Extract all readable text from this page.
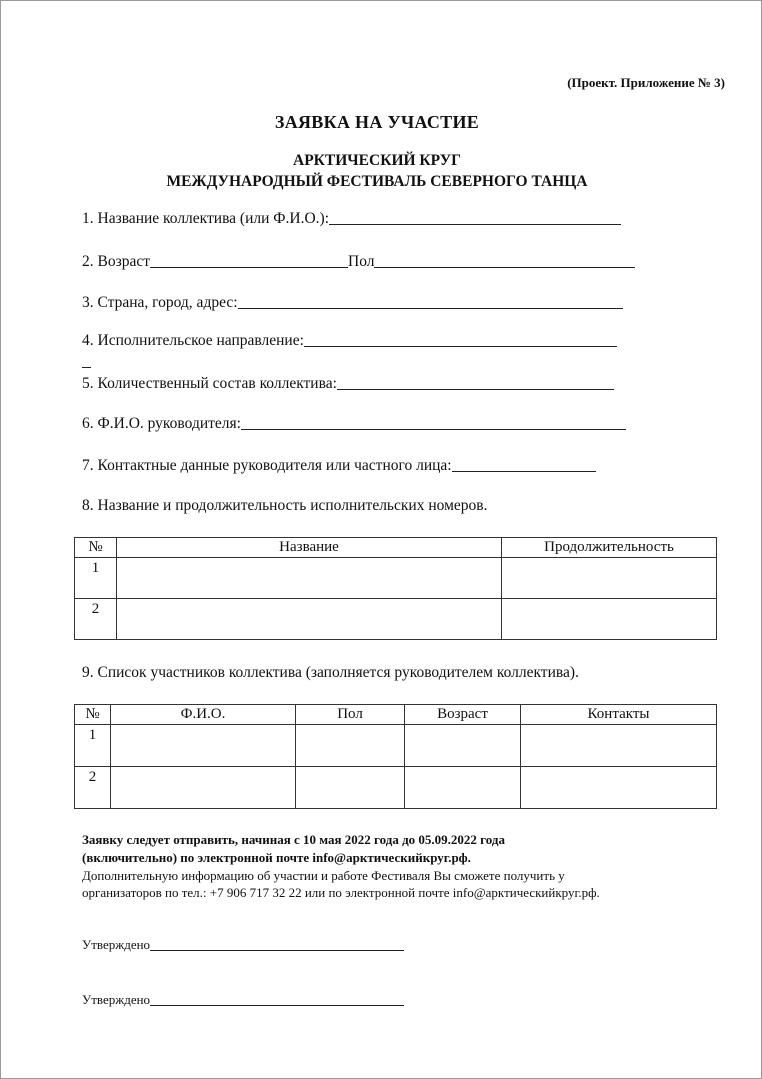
(Проект. Приложение № 3)
ЗАЯВКА НА УЧАСТИЕ
АРКТИЧЕСКИЙ КРУГ
МЕЖДУНАРОДНЫЙ ФЕСТИВАЛЬ СЕВЕРНОГО ТАНЦА
1. Название коллектива (или Ф.И.О.):
2. Возраст	Пол
3. Страна, город, адрес:
4. Исполнительское направление:
5. Количественный состав коллектива:
6. Ф.И.О. руководителя:
7. Контактные данные руководителя или частного лица:
8. Название и продолжительность исполнительских номеров.
№	Название	Продолжительность
1		
2		
9. Список участников коллектива (заполняется руководителем коллектива).
№	Ф.И.О.	Пол	Возраст	Контакты
1				
2				
Заявку следует отправить, начиная с 10 мая 2022 года до 05.09.2022 года
(включительно) по электронной почте info@арктическийкруг.рф.
Дополнительную информацию об участии и работе Фестиваля Вы сможете получить у
организаторов по тел.: +7 906 717 32 22 или по электронной почте info@арктическийкруг.рф.
Утверждено
Утверждено
